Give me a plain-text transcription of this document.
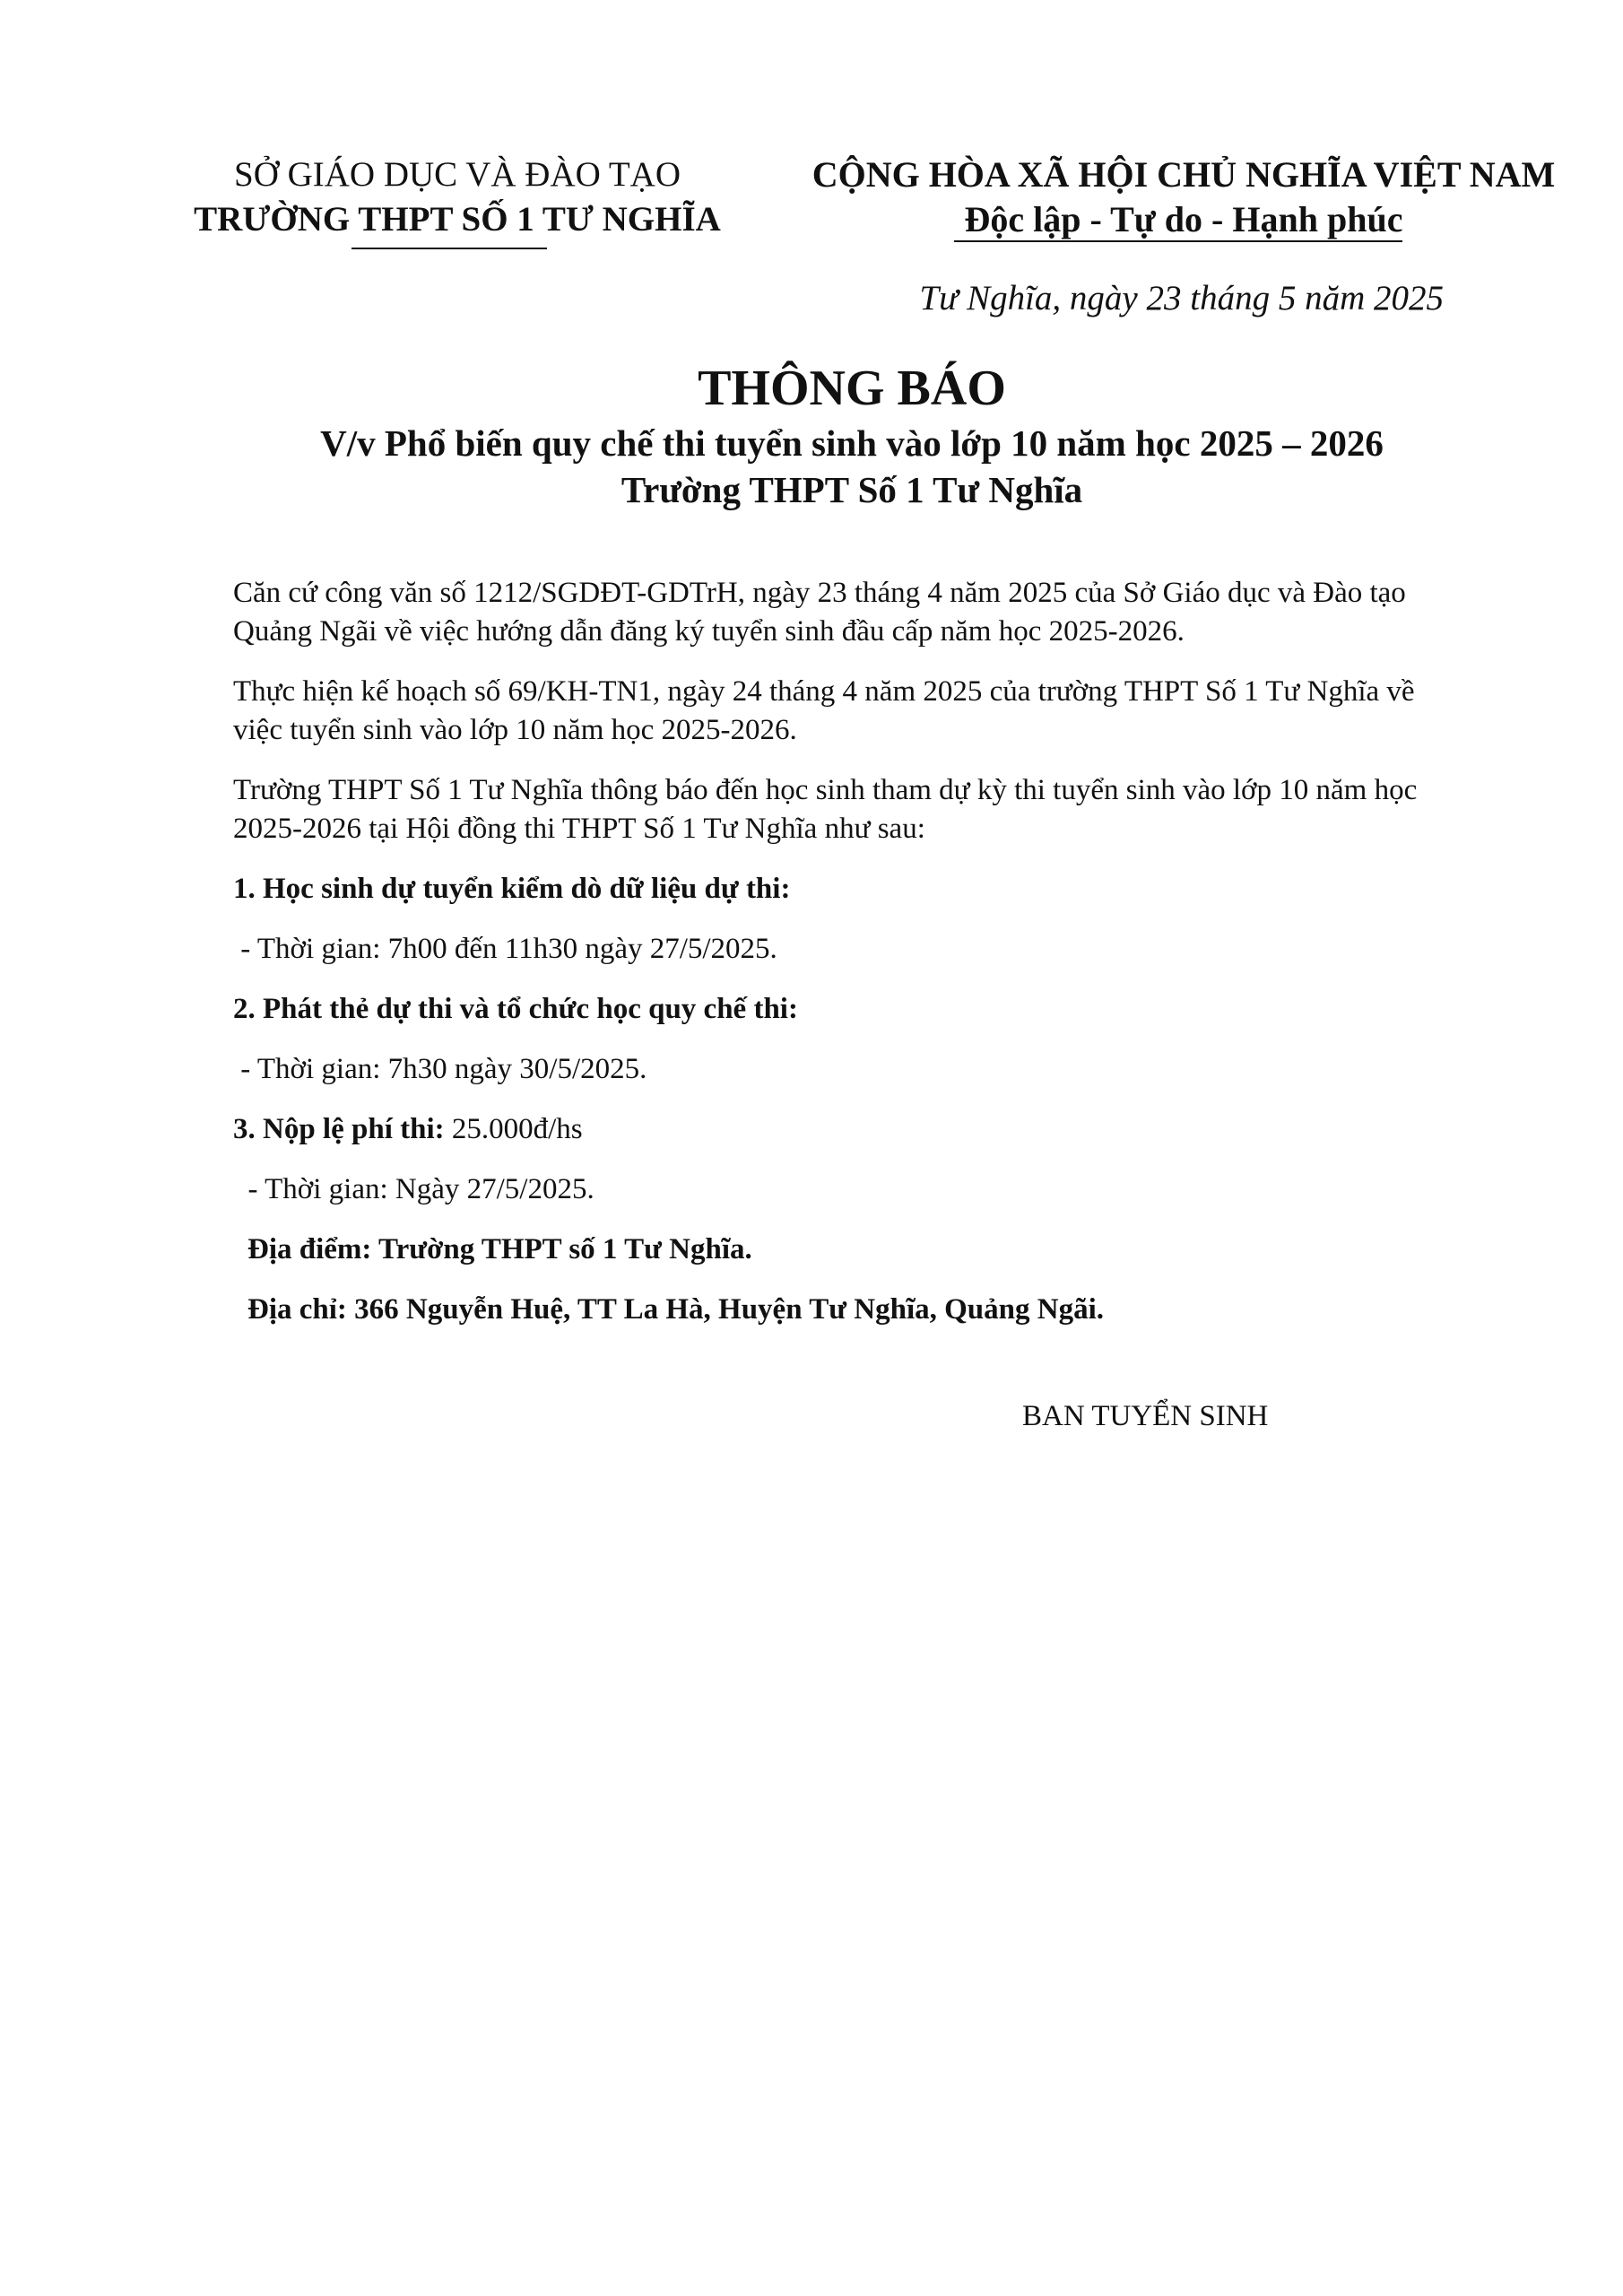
SỞ GIÁO DỤC VÀ ĐÀO TẠO
TRƯỜNG THPT SỐ 1 TƯ NGHĨA
CỘNG HÒA XÃ HỘI CHỦ NGHĨA VIỆT NAM
Độc lập - Tự do - Hạnh phúc
Tư Nghĩa, ngày 23 tháng 5 năm 2025
THÔNG BÁO
V/v Phổ biến quy chế thi tuyển sinh vào lớp 10 năm học 2025 – 2026
Trường THPT Số 1 Tư Nghĩa

Căn cứ công văn số 1212/SGDĐT-GDTrH, ngày 23 tháng 4 năm 2025 của Sở Giáo dục và Đào tạo Quảng Ngãi về việc hướng dẫn đăng ký tuyển sinh đầu cấp năm học 2025-2026.

Thực hiện kế hoạch số 69/KH-TN1, ngày 24 tháng 4 năm 2025 của trường THPT Số 1 Tư Nghĩa về việc tuyển sinh vào lớp 10 năm học 2025-2026.

Trường THPT Số 1 Tư Nghĩa thông báo đến học sinh tham dự kỳ thi tuyển sinh vào lớp 10 năm học 2025-2026 tại Hội đồng thi THPT Số 1 Tư Nghĩa như sau:

1. Học sinh dự tuyển kiểm dò dữ liệu dự thi:

- Thời gian: 7h00 đến 11h30 ngày 27/5/2025.

2. Phát thẻ dự thi và tổ chức học quy chế thi:

- Thời gian: 7h30 ngày 30/5/2025.

3. Nộp lệ phí thi: 25.000đ/hs

- Thời gian: Ngày 27/5/2025.

Địa điểm: Trường THPT số 1 Tư Nghĩa.

Địa chỉ: 366 Nguyễn Huệ, TT La Hà, Huyện Tư Nghĩa, Quảng Ngãi.

BAN TUYỂN SINH
